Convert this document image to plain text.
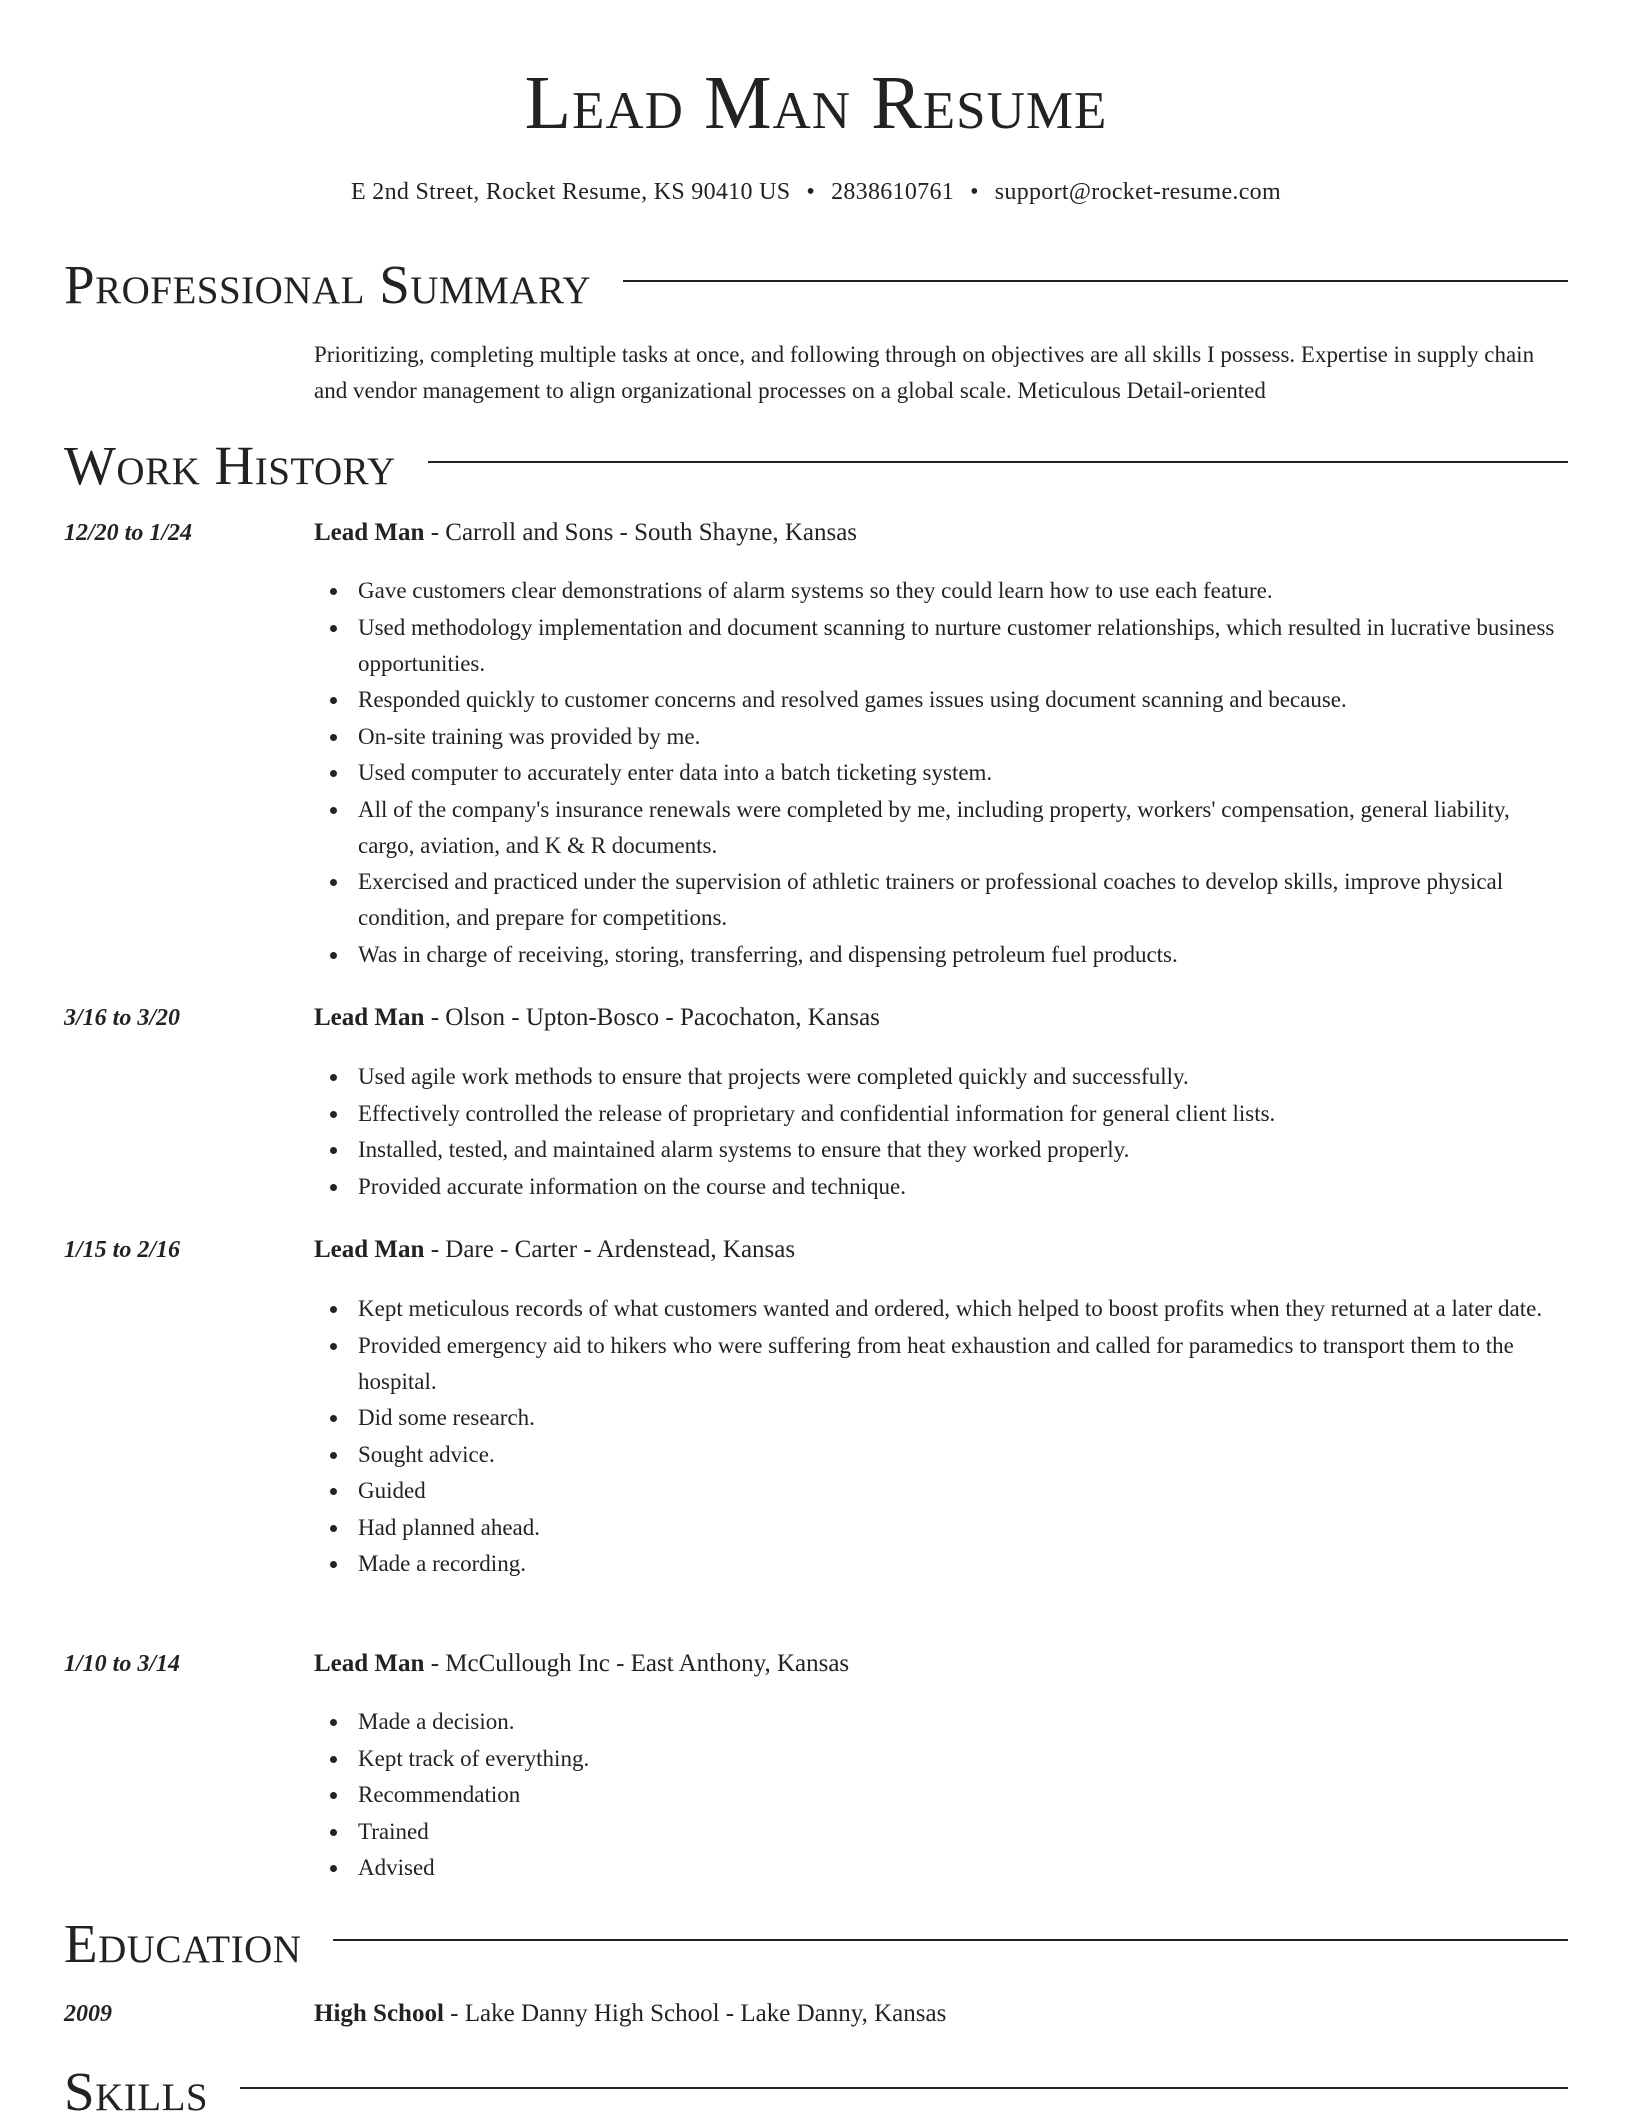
Lead Man Resume
E 2nd Street, Rocket Resume, KS 90410 US • 2838610761 • support@rocket-resume.com
Professional Summary
Prioritizing, completing multiple tasks at once, and following through on objectives are all skills I possess. Expertise in supply chain and vendor management to align organizational processes on a global scale. Meticulous Detail-oriented
Work History
12/20 to 1/24	Lead Man - Carroll and Sons - South Shayne, Kansas
Gave customers clear demonstrations of alarm systems so they could learn how to use each feature.
Used methodology implementation and document scanning to nurture customer relationships, which resulted in lucrative business opportunities.
Responded quickly to customer concerns and resolved games issues using document scanning and because.
On-site training was provided by me.
Used computer to accurately enter data into a batch ticketing system.
All of the company's insurance renewals were completed by me, including property, workers' compensation, general liability, cargo, aviation, and K & R documents.
Exercised and practiced under the supervision of athletic trainers or professional coaches to develop skills, improve physical condition, and prepare for competitions.
Was in charge of receiving, storing, transferring, and dispensing petroleum fuel products.
3/16 to 3/20	Lead Man - Olson - Upton-Bosco - Pacochaton, Kansas
Used agile work methods to ensure that projects were completed quickly and successfully.
Effectively controlled the release of proprietary and confidential information for general client lists.
Installed, tested, and maintained alarm systems to ensure that they worked properly.
Provided accurate information on the course and technique.
1/15 to 2/16	Lead Man - Dare - Carter - Ardenstead, Kansas
Kept meticulous records of what customers wanted and ordered, which helped to boost profits when they returned at a later date.
Provided emergency aid to hikers who were suffering from heat exhaustion and called for paramedics to transport them to the hospital.
Did some research.
Sought advice.
Guided
Had planned ahead.
Made a recording.
1/10 to 3/14	Lead Man - McCullough Inc - East Anthony, Kansas
Made a decision.
Kept track of everything.
Recommendation
Trained
Advised
Education
2009	High School - Lake Danny High School - Lake Danny, Kansas
Skills
